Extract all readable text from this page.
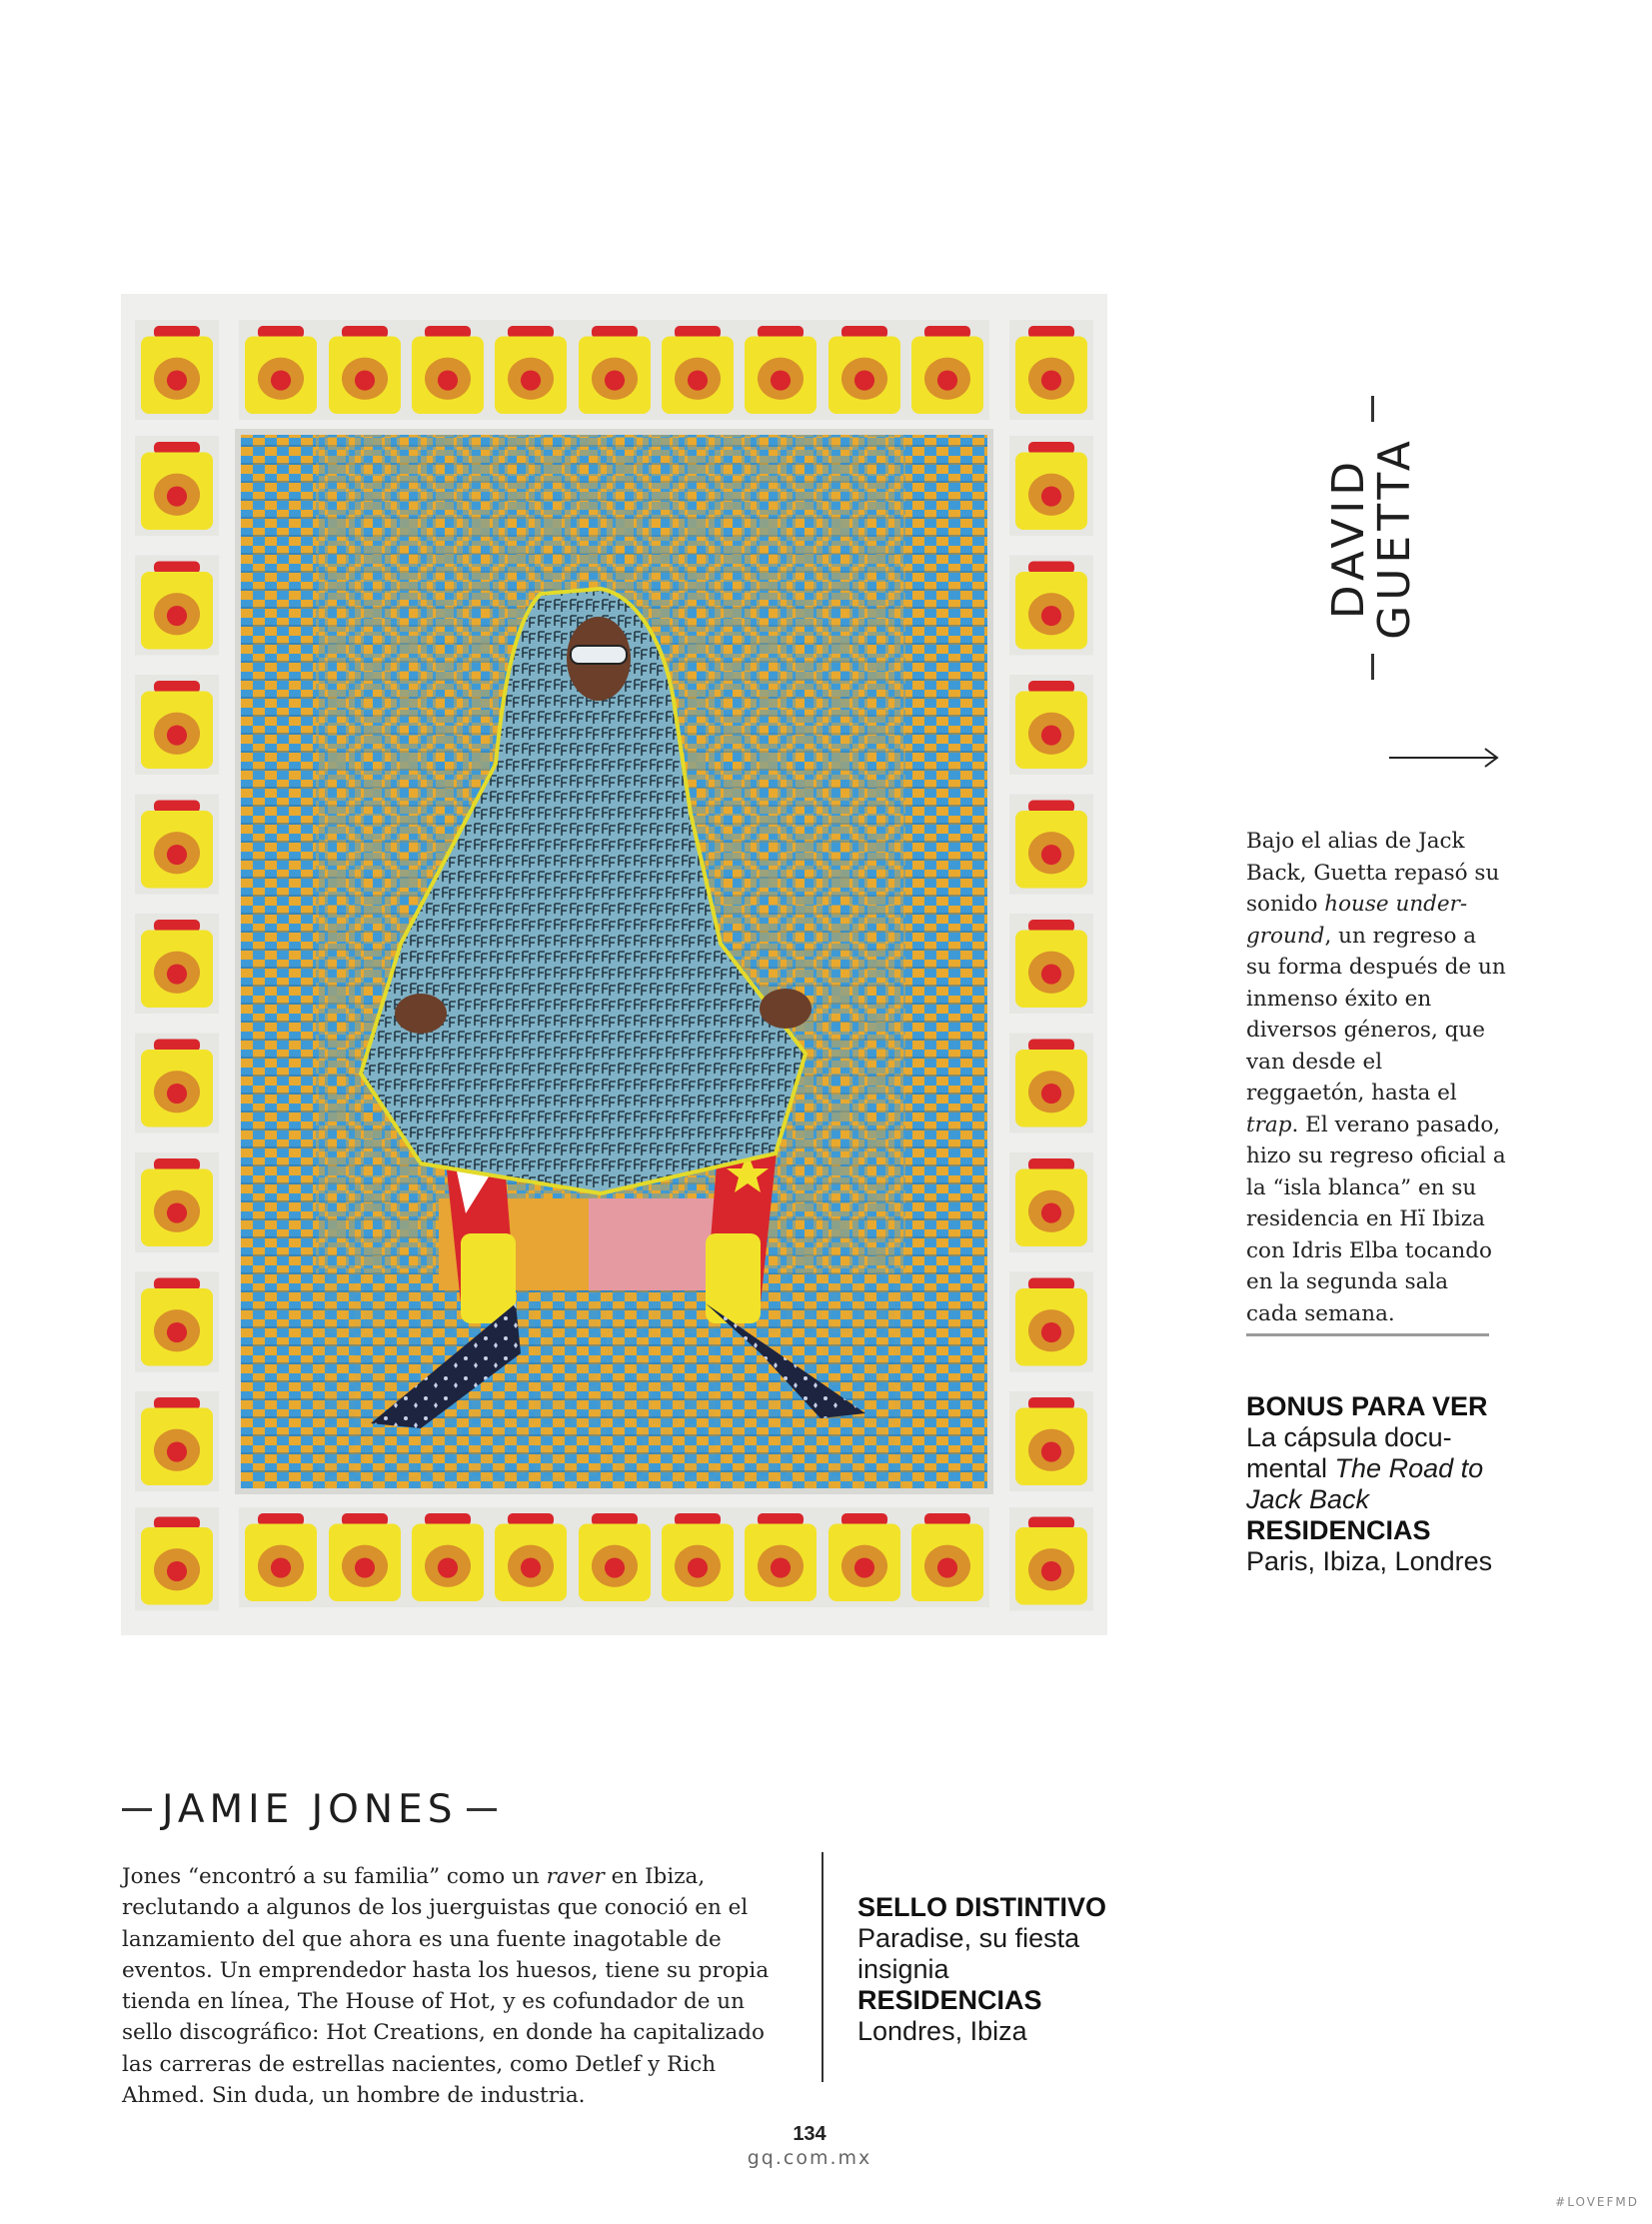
DAVID
GUETTA
Bajo el alias de Jack Back, Guetta repasó su sonido house under-ground, un regreso a su forma después de un inmenso éxito en diversos géneros, que van desde el reggaetón, hasta el trap. El verano pasado, hizo su regreso oficial a la “isla blanca” en su residencia en Hï Ibiza con Idris Elba tocando en la segunda sala cada semana.
BONUS PARA VER
La cápsula docu-mental The Road to Jack Back
RESIDENCIAS
Paris, Ibiza, Londres
JAMIE JONES
Jones “encontró a su familia” como un raver en Ibiza, reclutando a algunos de los juerguistas que conoció en el lanzamiento del que ahora es una fuente inagotable de eventos. Un emprendedor hasta los huesos, tiene su propia tienda en línea, The House of Hot, y es cofundador de un sello discográfico: Hot Creations, en donde ha capitalizado las carreras de estrellas nacientes, como Detlef y Rich Ahmed. Sin duda, un hombre de industria.
SELLO DISTINTIVO
Paradise, su fiesta insignia
RESIDENCIAS
Londres, Ibiza
134
gq.com.mx
#LOVEFMD
